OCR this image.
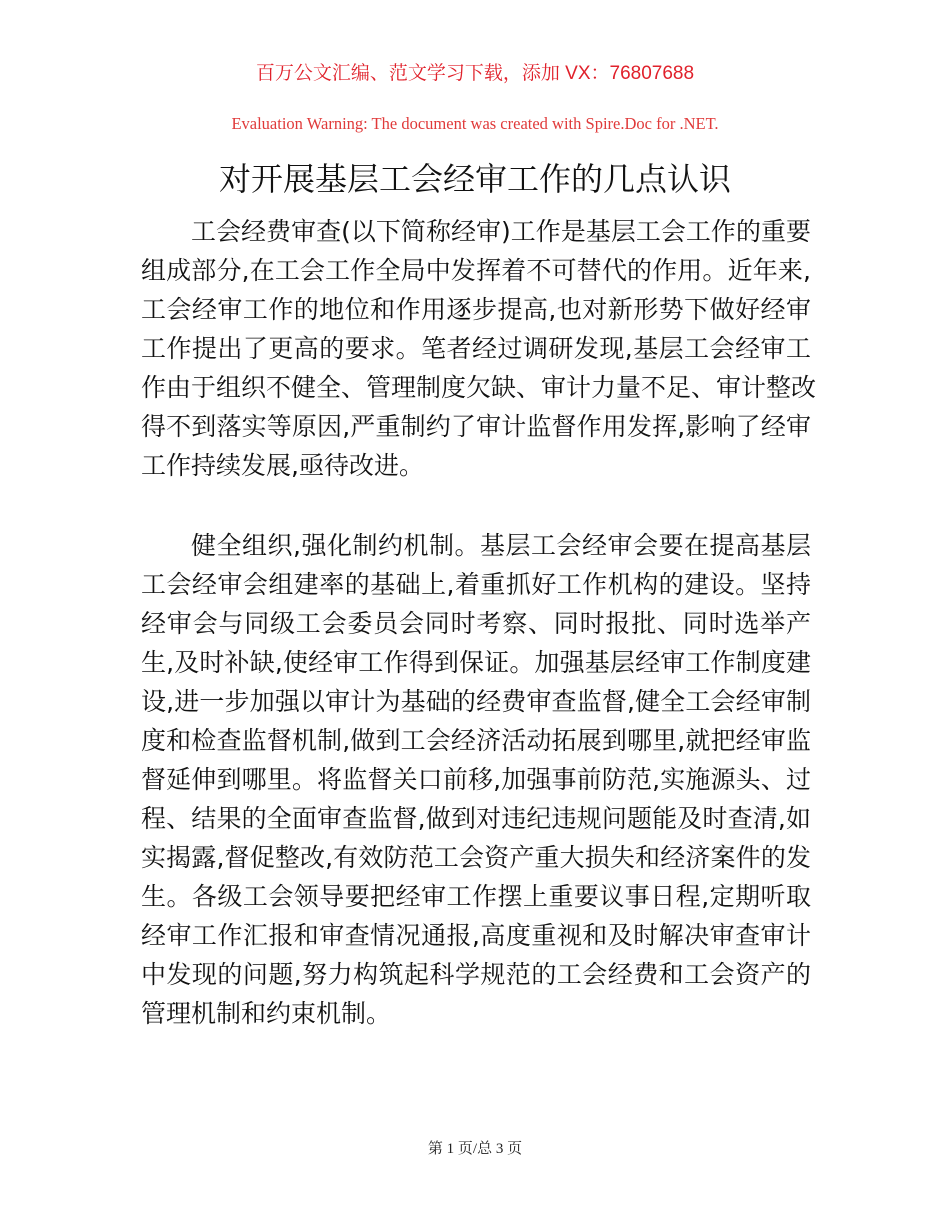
百万公文汇编、范文学习下载，添加 VX：76807688
Evaluation Warning: The document was created with Spire.Doc for .NET.
对开展基层工会经审工作的几点认识
工会经费审查(以下简称经审)工作是基层工会工作的重要
组成部分,在工会工作全局中发挥着不可替代的作用。近年来,
工会经审工作的地位和作用逐步提高,也对新形势下做好经审
工作提出了更高的要求。笔者经过调研发现,基层工会经审工
作由于组织不健全、管理制度欠缺、审计力量不足、审计整改
得不到落实等原因,严重制约了审计监督作用发挥,影响了经审
工作持续发展,亟待改进。
健全组织,强化制约机制。基层工会经审会要在提高基层
工会经审会组建率的基础上,着重抓好工作机构的建设。坚持
经审会与同级工会委员会同时考察、同时报批、同时选举产
生,及时补缺,使经审工作得到保证。加强基层经审工作制度建
设,进一步加强以审计为基础的经费审查监督,健全工会经审制
度和检查监督机制,做到工会经济活动拓展到哪里,就把经审监
督延伸到哪里。将监督关口前移,加强事前防范,实施源头、过
程、结果的全面审查监督,做到对违纪违规问题能及时查清,如
实揭露,督促整改,有效防范工会资产重大损失和经济案件的发
生。各级工会领导要把经审工作摆上重要议事日程,定期听取
经审工作汇报和审查情况通报,高度重视和及时解决审查审计
中发现的问题,努力构筑起科学规范的工会经费和工会资产的
管理机制和约束机制。
第 1 页/总 3 页
